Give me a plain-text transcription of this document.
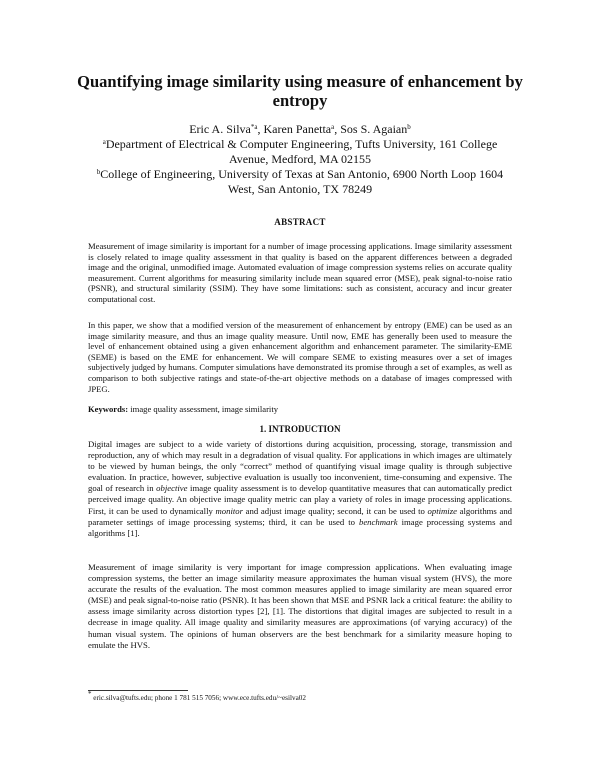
Quantifying image similarity using measure of enhancement by entropy
Eric A. Silva$^{*a}$, Karen Panetta$^a$, Sos S. Agaian$^b$
$^a$Department of Electrical & Computer Engineering, Tufts University, 161 College Avenue, Medford, MA 02155
$^b$College of Engineering, University of Texas at San Antonio, 6900 North Loop 1604 West, San Antonio, TX 78249
ABSTRACT

Measurement of image similarity is important for a number of image processing applications. Image similarity assessment is closely related to image quality assessment in that quality is based on the apparent differences between a degraded image and the original, unmodified image. Automated evaluation of image compression systems relies on accurate quality measurement. Current algorithms for measuring similarity include mean squared error (MSE), peak signal-to-noise ratio (PSNR), and structural similarity (SSIM). They have some limitations: such as consistent, accuracy and incur greater computational cost.

In this paper, we show that a modified version of the measurement of enhancement by entropy (EME) can be used as an image similarity measure, and thus an image quality measure. Until now, EME has generally been used to measure the level of enhancement obtained using a given enhancement algorithm and enhancement parameter. The similarity-EME (SEME) is based on the EME for enhancement. We will compare SEME to existing measures over a set of images subjectively judged by humans. Computer simulations have demonstrated its promise through a set of examples, as well as comparison to both subjective ratings and state-of-the-art objective methods on a database of images compressed with JPEG.

Keywords: image quality assessment, image similarity

1. INTRODUCTION

Digital images are subject to a wide variety of distortions during acquisition, processing, storage, transmission and reproduction, any of which may result in a degradation of visual quality. For applications in which images are ultimately to be viewed by human beings, the only “correct” method of quantifying visual image quality is through subjective evaluation. In practice, however, subjective evaluation is usually too inconvenient, time-consuming and expensive. The goal of research in objective image quality assessment is to develop quantitative measures that can automatically predict perceived image quality. An objective image quality metric can play a variety of roles in image processing applications. First, it can be used to dynamically monitor and adjust image quality; second, it can be used to optimize algorithms and parameter settings of image processing systems; third, it can be used to benchmark image processing systems and algorithms [1].

Measurement of image similarity is very important for image compression applications. When evaluating image compression systems, the better an image similarity measure approximates the human visual system (HVS), the more accurate the results of the evaluation. The most common measures applied to image similarity are mean squared error (MSE) and peak signal-to-noise ratio (PSNR). It has been shown that MSE and PSNR lack a critical feature: the ability to assess image similarity across distortion types [2], [1]. The distortions that digital images are subjected to result in a decrease in image quality. All image quality and similarity measures are approximations (of varying accuracy) of the human visual system. The opinions of human observers are the best benchmark for a similarity measure hoping to emulate the HVS.

* eric.silva@tufts.edu; phone 1 781 515 7056; www.ece.tufts.edu/~esilva02
